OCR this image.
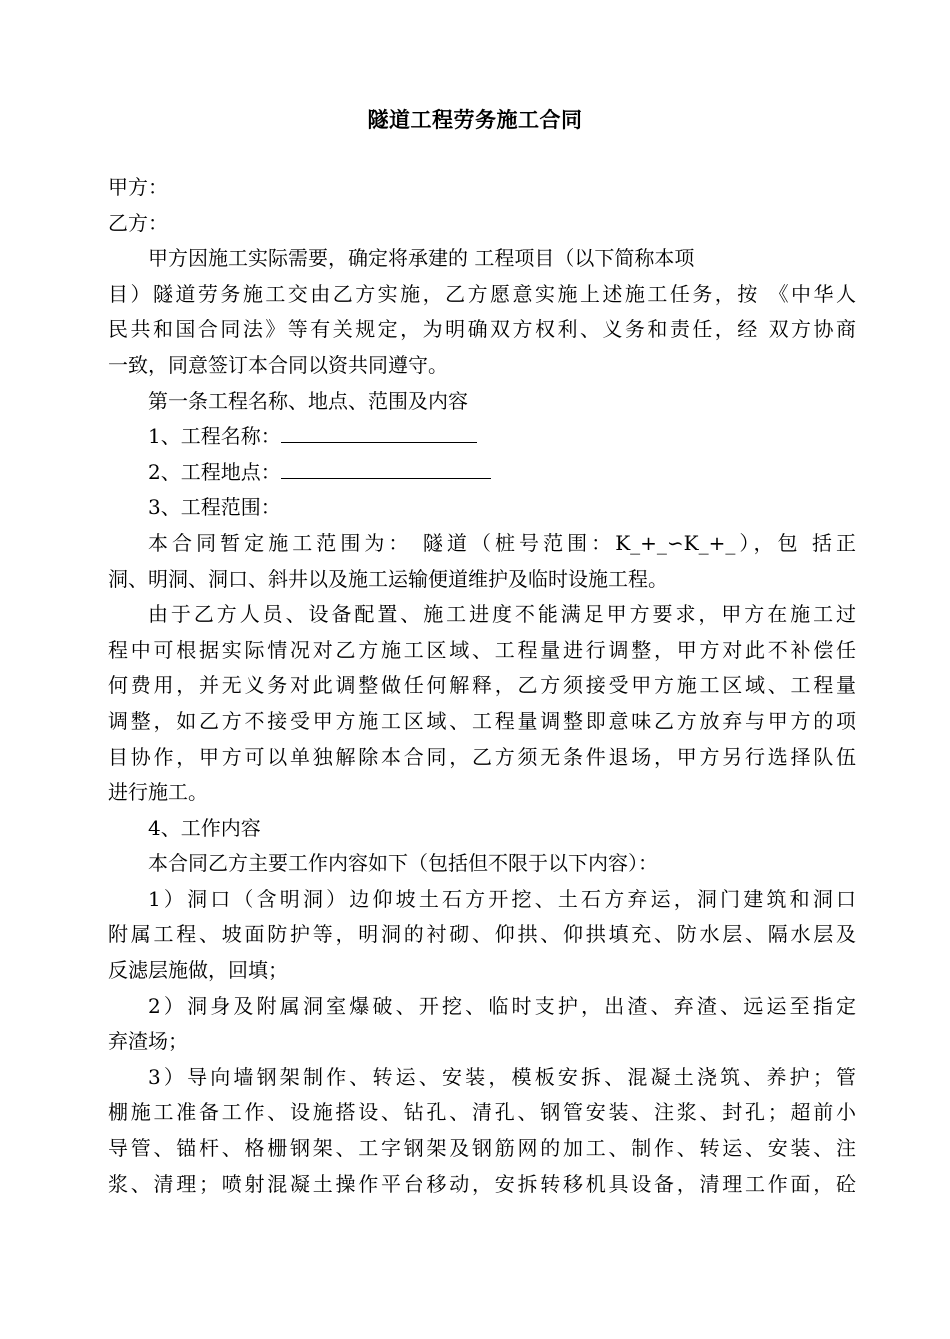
隧道工程劳务施工合同
甲方：
乙方：
甲方因施工实际需要，确定将承建的 工程项目（以下简称本项
目）隧道劳务施工交由乙方实施，乙方愿意实施上述施工任务，按 《中华人
民共和国合同法》等有关规定，为明确双方权利、义务和责任，经 双方协商
一致，同意签订本合同以资共同遵守。
第一条工程名称、地点、范围及内容
1、工程名称：
2、工程地点：
3、工程范围：
本合同暂定施工范围为： 隧道（桩号范围：K_+_∽K_+_），包 括正
洞、明洞、洞口、斜井以及施工运输便道维护及临时设施工程。
由于乙方人员、设备配置、施工进度不能满足甲方要求，甲方在施工过
程中可根据实际情况对乙方施工区域、工程量进行调整，甲方对此不补偿任
何费用，并无义务对此调整做任何解释，乙方须接受甲方施工区域、工程量
调整，如乙方不接受甲方施工区域、工程量调整即意味乙方放弃与甲方的项
目协作，甲方可以单独解除本合同，乙方须无条件退场，甲方另行选择队伍
进行施工。
4、工作内容
本合同乙方主要工作内容如下（包括但不限于以下内容）：
1）洞口（含明洞）边仰坡土石方开挖、土石方弃运，洞门建筑和洞口
附属工程、坡面防护等，明洞的衬砌、仰拱、仰拱填充、防水层、隔水层及
反滤层施做，回填；
2）洞身及附属洞室爆破、开挖、临时支护，出渣、弃渣、远运至指定
弃渣场；
3）导向墙钢架制作、转运、安装，模板安拆、混凝土浇筑、养护；管
棚施工准备工作、设施搭设、钻孔、清孔、钢管安装、注浆、封孔；超前小
导管、锚杆、格栅钢架、工字钢架及钢筋网的加工、制作、转运、安装、注
浆、清理；喷射混凝土操作平台移动，安拆转移机具设备，清理工作面，砼
